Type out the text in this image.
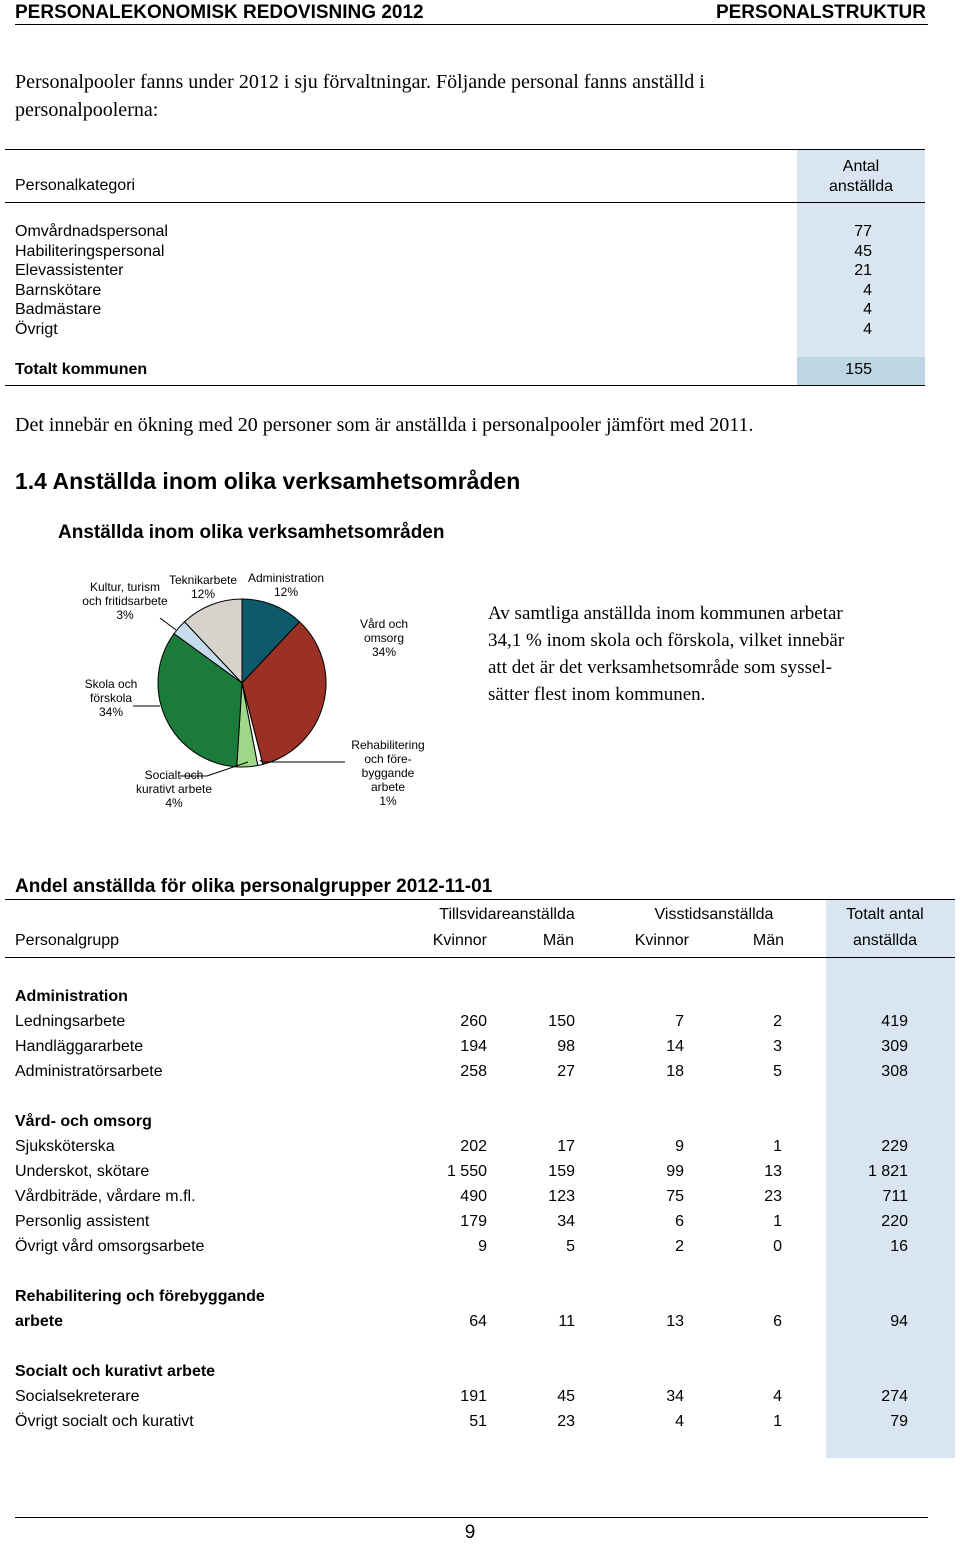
PERSONALEKONOMISK REDOVISNING 2012	PERSONALSTRUKTUR
Personalpooler fanns under 2012 i sju förvaltningar. Följande personal fanns anställd i
personalpoolerna:
Personalkategori
Antal
anställda
Omvårdnadspersonal	77
Habiliteringspersonal	45
Elevassistenter	21
Barnskötare	4
Badmästare	4
Övrigt	4
Totalt kommunen	155
Det innebär en ökning med 20 personer som är anställda i personalpooler jämfört med 2011.
1.4 Anställda inom olika verksamhetsområden
Anställda inom olika verksamhetsområden
Kultur, turism och fritidsarbete
3%
Teknikarbete
12%
Administration
12%
Vård och omsorg
34%
Skola och förskola
34%
Socialt och kurativt arbete
4%
Rehabilitering och före- byggande arbete
1%
Av samtliga anställda inom kommunen arbetar
34,1 % inom skola och förskola, vilket innebär
att det är det verksamhetsområde som syssel-
sätter flest inom kommunen.
Andel anställda för olika personalgrupper 2012-11-01
Tillsvidareanställda	Visstidsanställda	Totalt antal
Personalgrupp	Kvinnor	Män	Kvinnor	Män	anställda
Administration
Ledningsarbete	260	150	7	2	419
Handläggararbete	194	98	14	3	309
Administratörsarbete	258	27	18	5	308
Vård- och omsorg
Sjuksköterska	202	17	9	1	229
Underskot, skötare	1 550	159	99	13	1 821
Vårdbiträde, vårdare m.fl.	490	123	75	23	711
Personlig assistent	179	34	6	1	220
Övrigt vård omsorgsarbete	9	5	2	0	16
Rehabilitering och förebyggande
arbete	64	11	13	6	94
Socialt och kurativt arbete
Socialsekreterare	191	45	34	4	274
Övrigt socialt och kurativt	51	23	4	1	79
9
